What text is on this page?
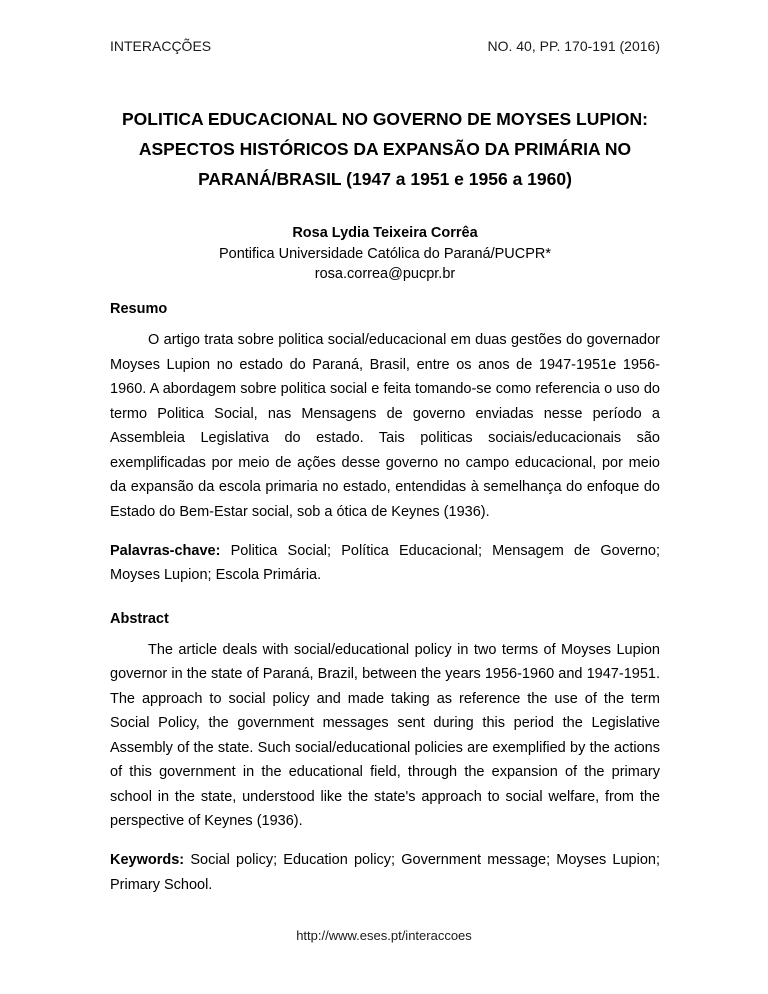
INTERACÇÕES	NO. 40, PP. 170-191 (2016)
POLITICA EDUCACIONAL NO GOVERNO DE MOYSES LUPION: ASPECTOS HISTÓRICOS DA EXPANSÃO DA PRIMÁRIA NO PARANÁ/BRASIL (1947 a 1951 e 1956 a 1960)
Rosa Lydia Teixeira Corrêa
Pontifica Universidade Católica do Paraná/PUCPR*
rosa.correa@pucpr.br
Resumo

O artigo trata sobre politica social/educacional em duas gestões do governador Moyses Lupion no estado do Paraná, Brasil, entre os anos de 1947-1951e 1956-1960. A abordagem sobre politica social e feita tomando-se como referencia o uso do termo Politica Social, nas Mensagens de governo enviadas nesse período a Assembleia Legislativa do estado. Tais politicas sociais/educacionais são exemplificadas por meio de ações desse governo no campo educacional, por meio da expansão da escola primaria no estado, entendidas à semelhança do enfoque do Estado do Bem-Estar social, sob a ótica de Keynes (1936).

Palavras-chave: Politica Social; Política Educacional; Mensagem de Governo; Moyses Lupion; Escola Primária.

Abstract

The article deals with social/educational policy in two terms of Moyses Lupion governor in the state of Paraná, Brazil, between the years 1956-1960 and 1947-1951. The approach to social policy and made taking as reference the use of the term Social Policy, the government messages sent during this period the Legislative Assembly of the state. Such social/educational policies are exemplified by the actions of this government in the educational field, through the expansion of the primary school in the state, understood like the state's approach to social welfare, from the perspective of Keynes (1936).

Keywords: Social policy; Education policy; Government message; Moyses Lupion; Primary School.

http://www.eses.pt/interaccoes
